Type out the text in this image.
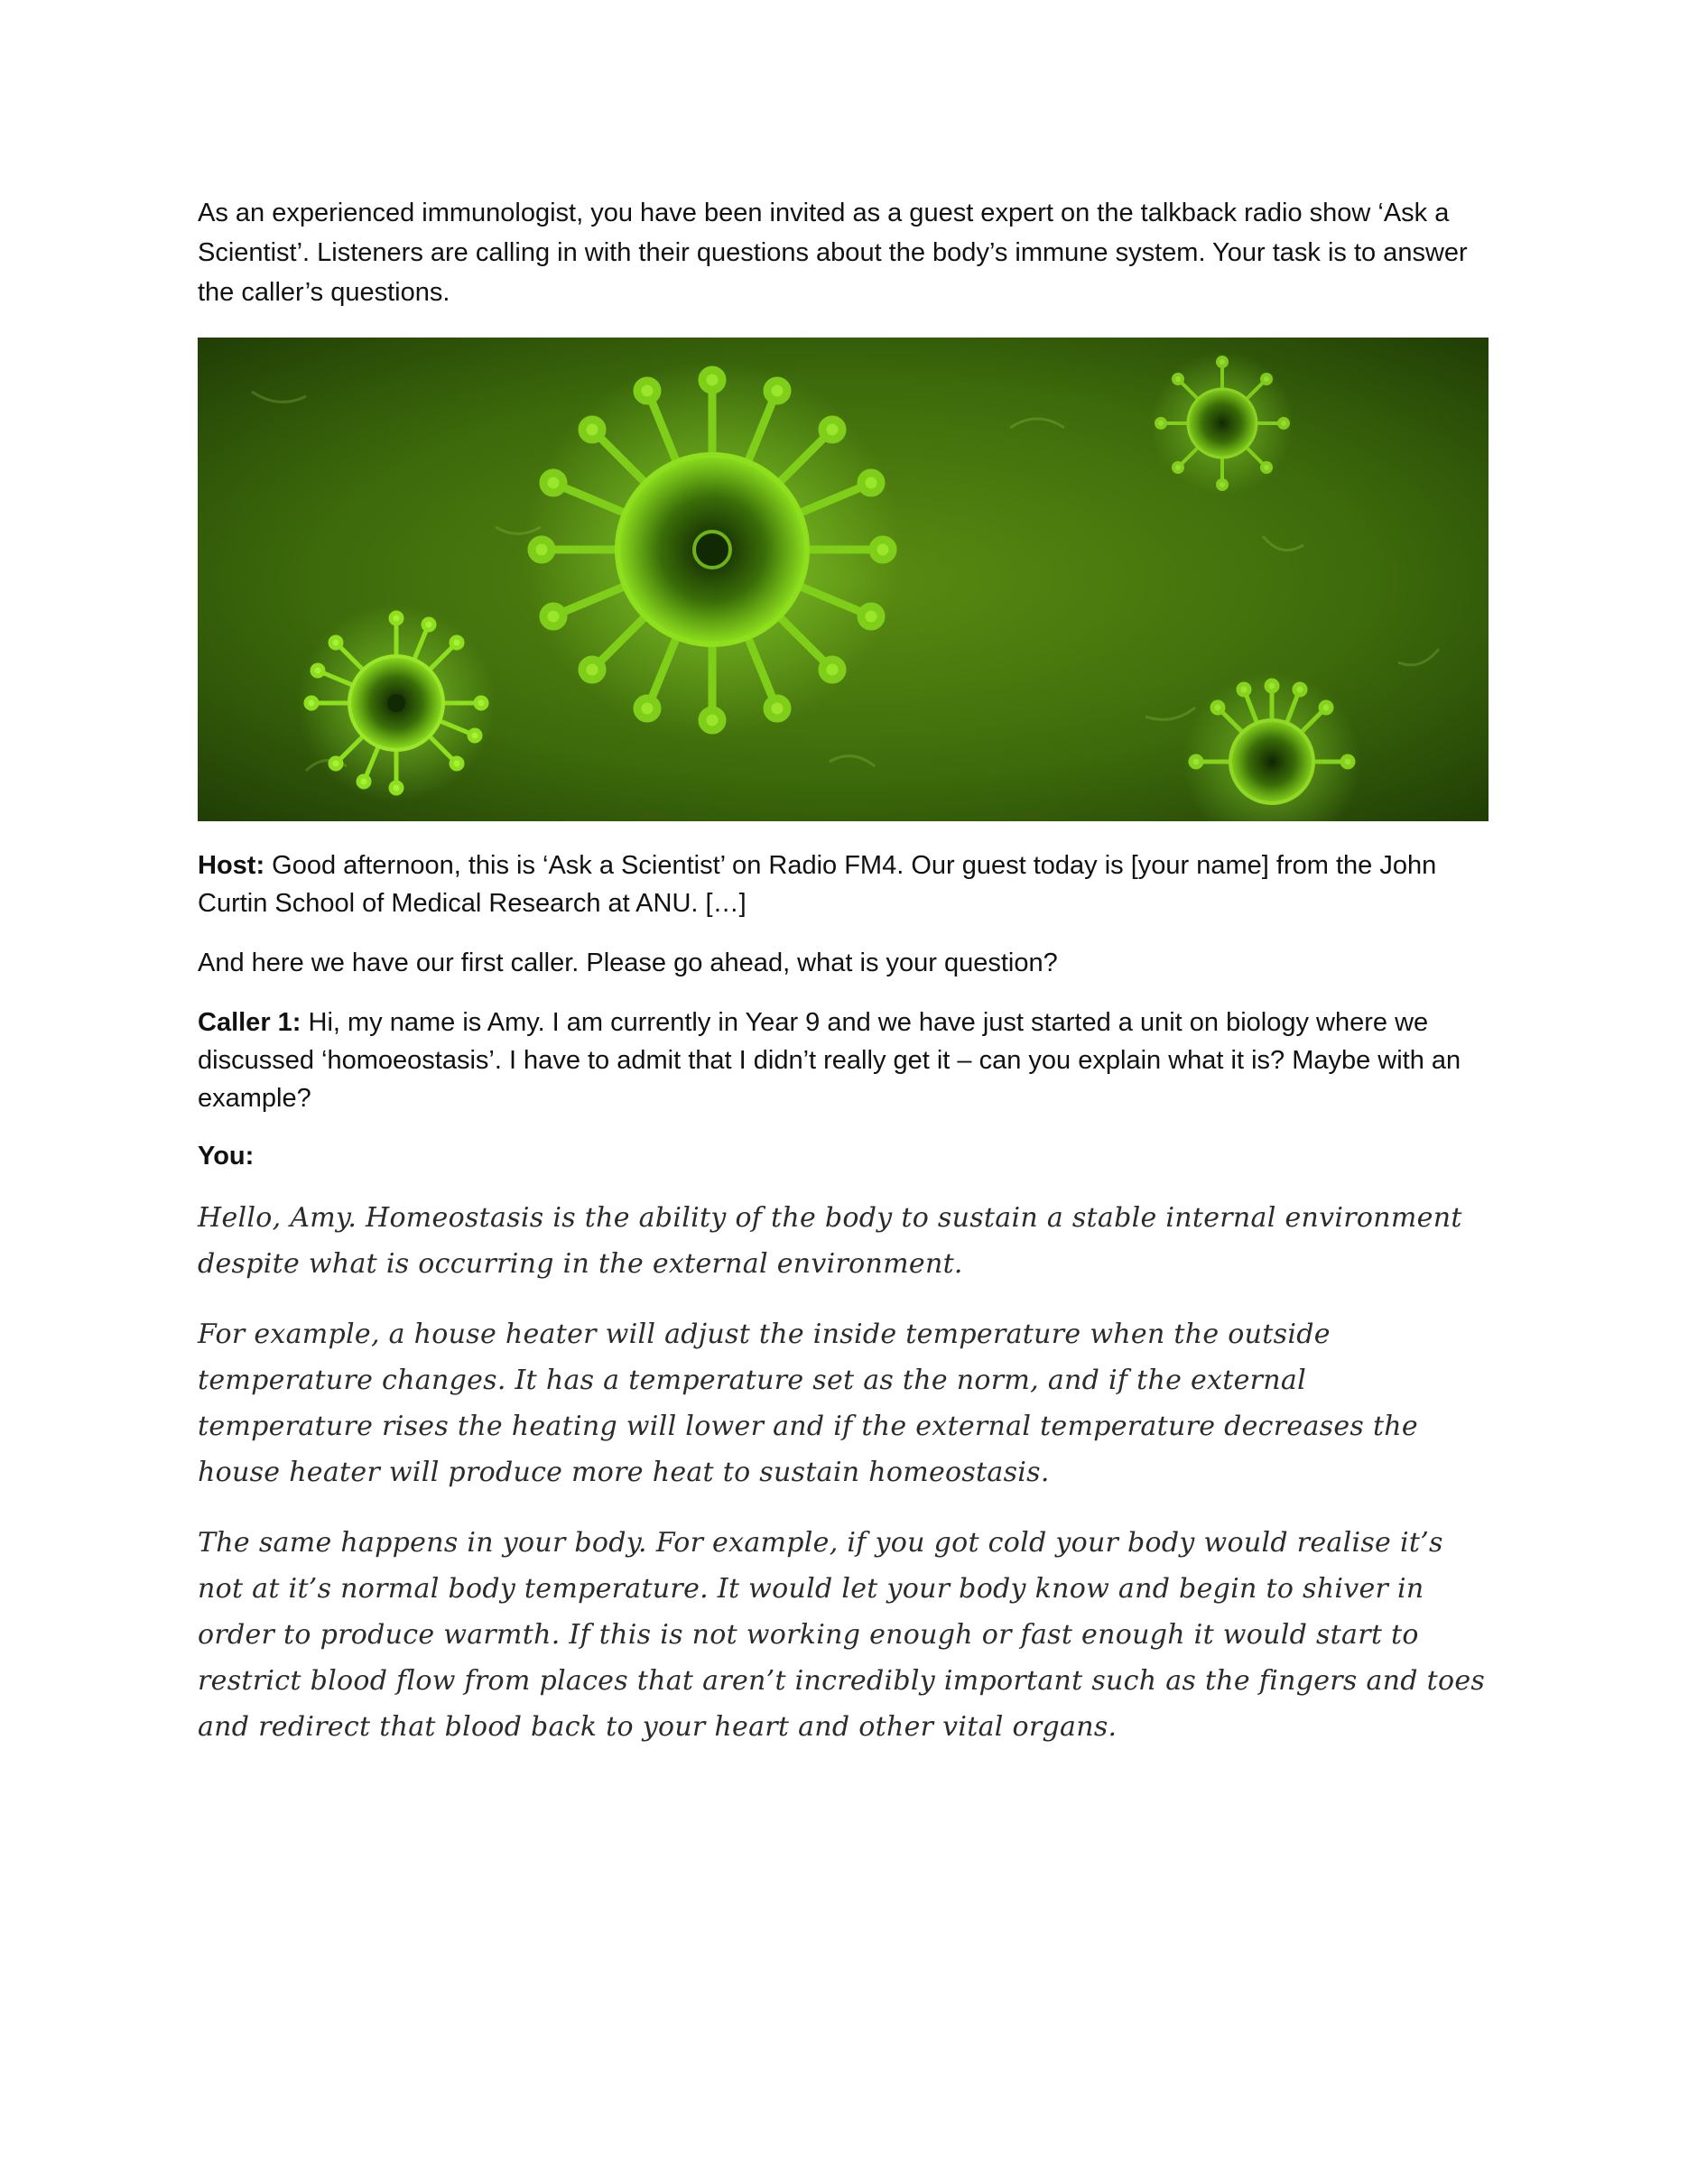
As an experienced immunologist, you have been invited as a guest expert on the talkback radio show ‘Ask a Scientist’. Listeners are calling in with their questions about the body’s immune system. Your task is to answer the caller’s questions.

Host: Good afternoon, this is ‘Ask a Scientist’ on Radio FM4. Our guest today is [your name] from the John Curtin School of Medical Research at ANU. […]

And here we have our first caller. Please go ahead, what is your question?

Caller 1: Hi, my name is Amy. I am currently in Year 9 and we have just started a unit on biology where we discussed ‘homoeostasis’. I have to admit that I didn’t really get it – can you explain what it is? Maybe with an example?

You:

Hello, Amy. Homeostasis is the ability of the body to sustain a stable internal environment despite what is occurring in the external environment.

For example, a house heater will adjust the inside temperature when the outside temperature changes. It has a temperature set as the norm, and if the external temperature rises the heating will lower and if the external temperature decreases the house heater will produce more heat to sustain homeostasis.

The same happens in your body. For example, if you got cold your body would realise it’s not at it’s normal body temperature. It would let your body know and begin to shiver in order to produce warmth. If this is not working enough or fast enough it would start to restrict blood flow from places that aren’t incredibly important such as the fingers and toes and redirect that blood back to your heart and other vital organs.
